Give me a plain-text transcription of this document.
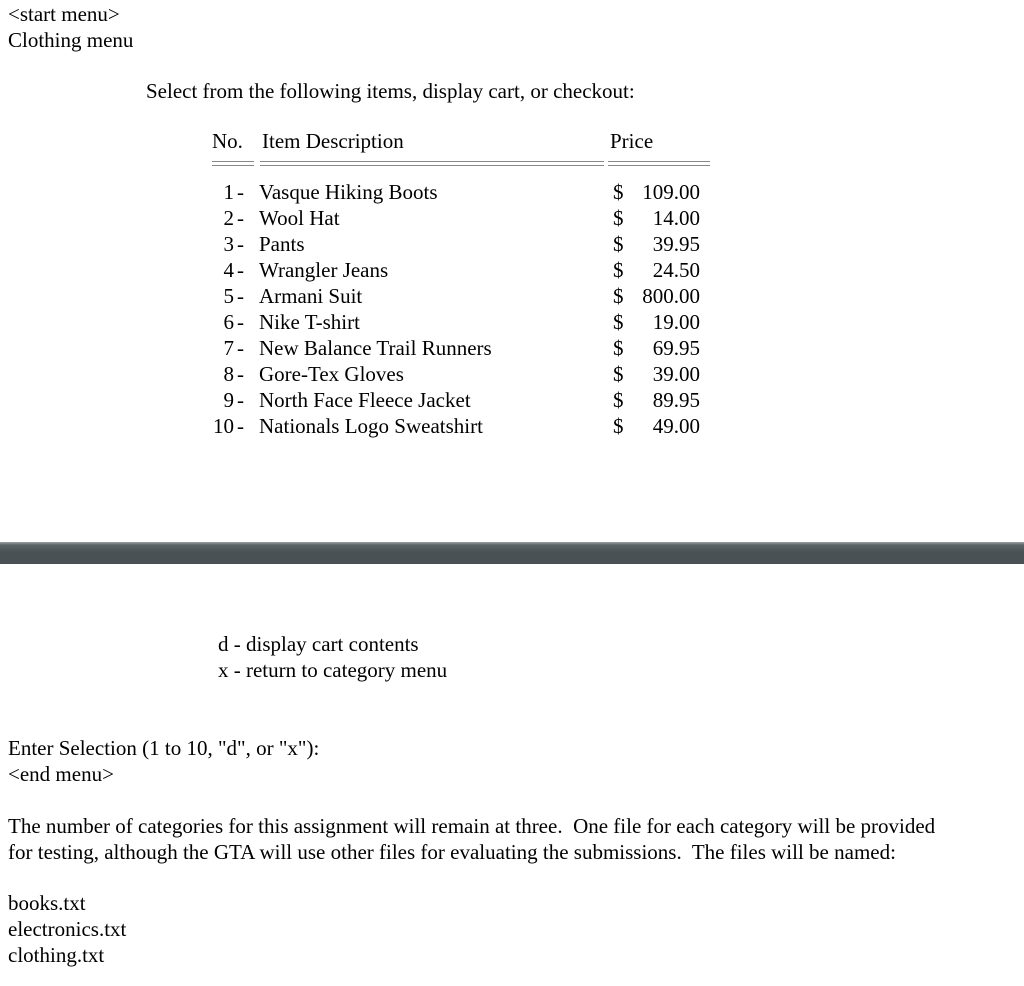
<start menu>
Clothing menu
Select from the following items, display cart, or checkout:
No. Item Description	Price
1 - Vasque Hiking Boots	$ 109.00
2 - Wool Hat	$ 14.00
3 - Pants	$ 39.95
4 - Wrangler Jeans	$ 24.50
5 - Armani Suit	$ 800.00
6 - Nike T-shirt	$ 19.00
7 - New Balance Trail Runners	$ 69.95
8 - Gore-Tex Gloves	$ 39.00
9 - North Face Fleece Jacket	$ 89.95
10 - Nationals Logo Sweatshirt	$ 49.00
d - display cart contents
x - return to category menu
Enter Selection (1 to 10, "d", or "x"):
<end menu>
The number of categories for this assignment will remain at three.  One file for each category will be provided
for testing, although the GTA will use other files for evaluating the submissions.  The files will be named:
books.txt
electronics.txt
clothing.txt
